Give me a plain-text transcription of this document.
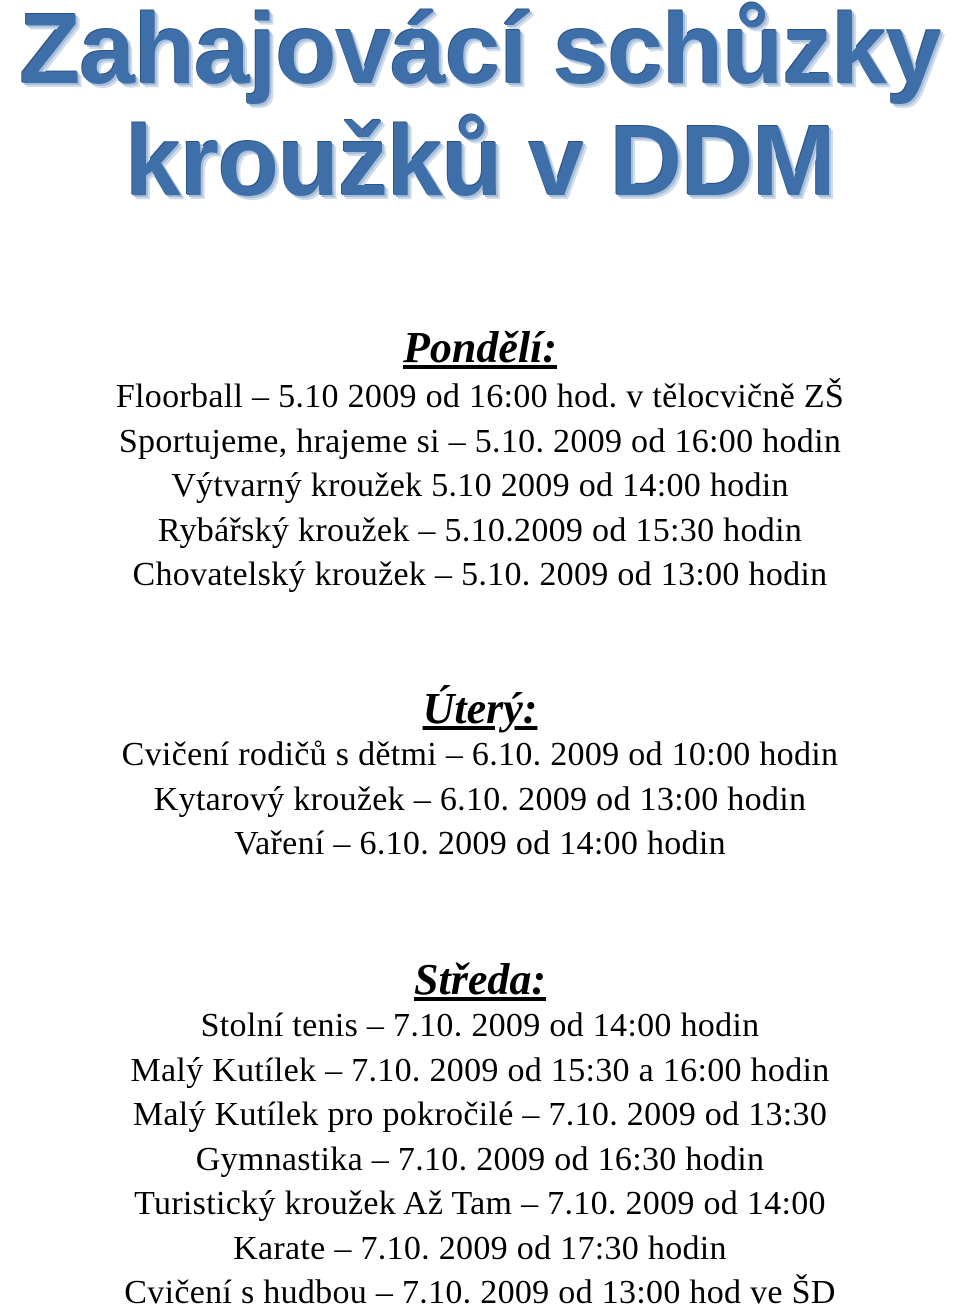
Zahajovácí schůzky
kroužků v DDM
Pondělí:
Floorball – 5.10 2009 od 16:00 hod. v tělocvičně ZŠ
Sportujeme, hrajeme si – 5.10. 2009 od 16:00 hodin
Výtvarný kroužek 5.10 2009 od 14:00 hodin
Rybářský kroužek – 5.10.2009 od 15:30 hodin
Chovatelský kroužek – 5.10. 2009 od 13:00 hodin
Úterý:
Cvičení rodičů s dětmi – 6.10. 2009 od 10:00 hodin
Kytarový kroužek – 6.10. 2009 od 13:00 hodin
Vaření – 6.10. 2009 od 14:00 hodin
Středa:
Stolní tenis – 7.10. 2009 od 14:00 hodin
Malý Kutílek – 7.10. 2009 od 15:30 a 16:00 hodin
Malý Kutílek pro pokročilé – 7.10. 2009 od 13:30
Gymnastika – 7.10. 2009 od 16:30 hodin
Turistický kroužek Až Tam – 7.10. 2009 od 14:00
Karate – 7.10. 2009 od 17:30 hodin
Cvičení s hudbou – 7.10. 2009 od 13:00 hod ve ŠD
